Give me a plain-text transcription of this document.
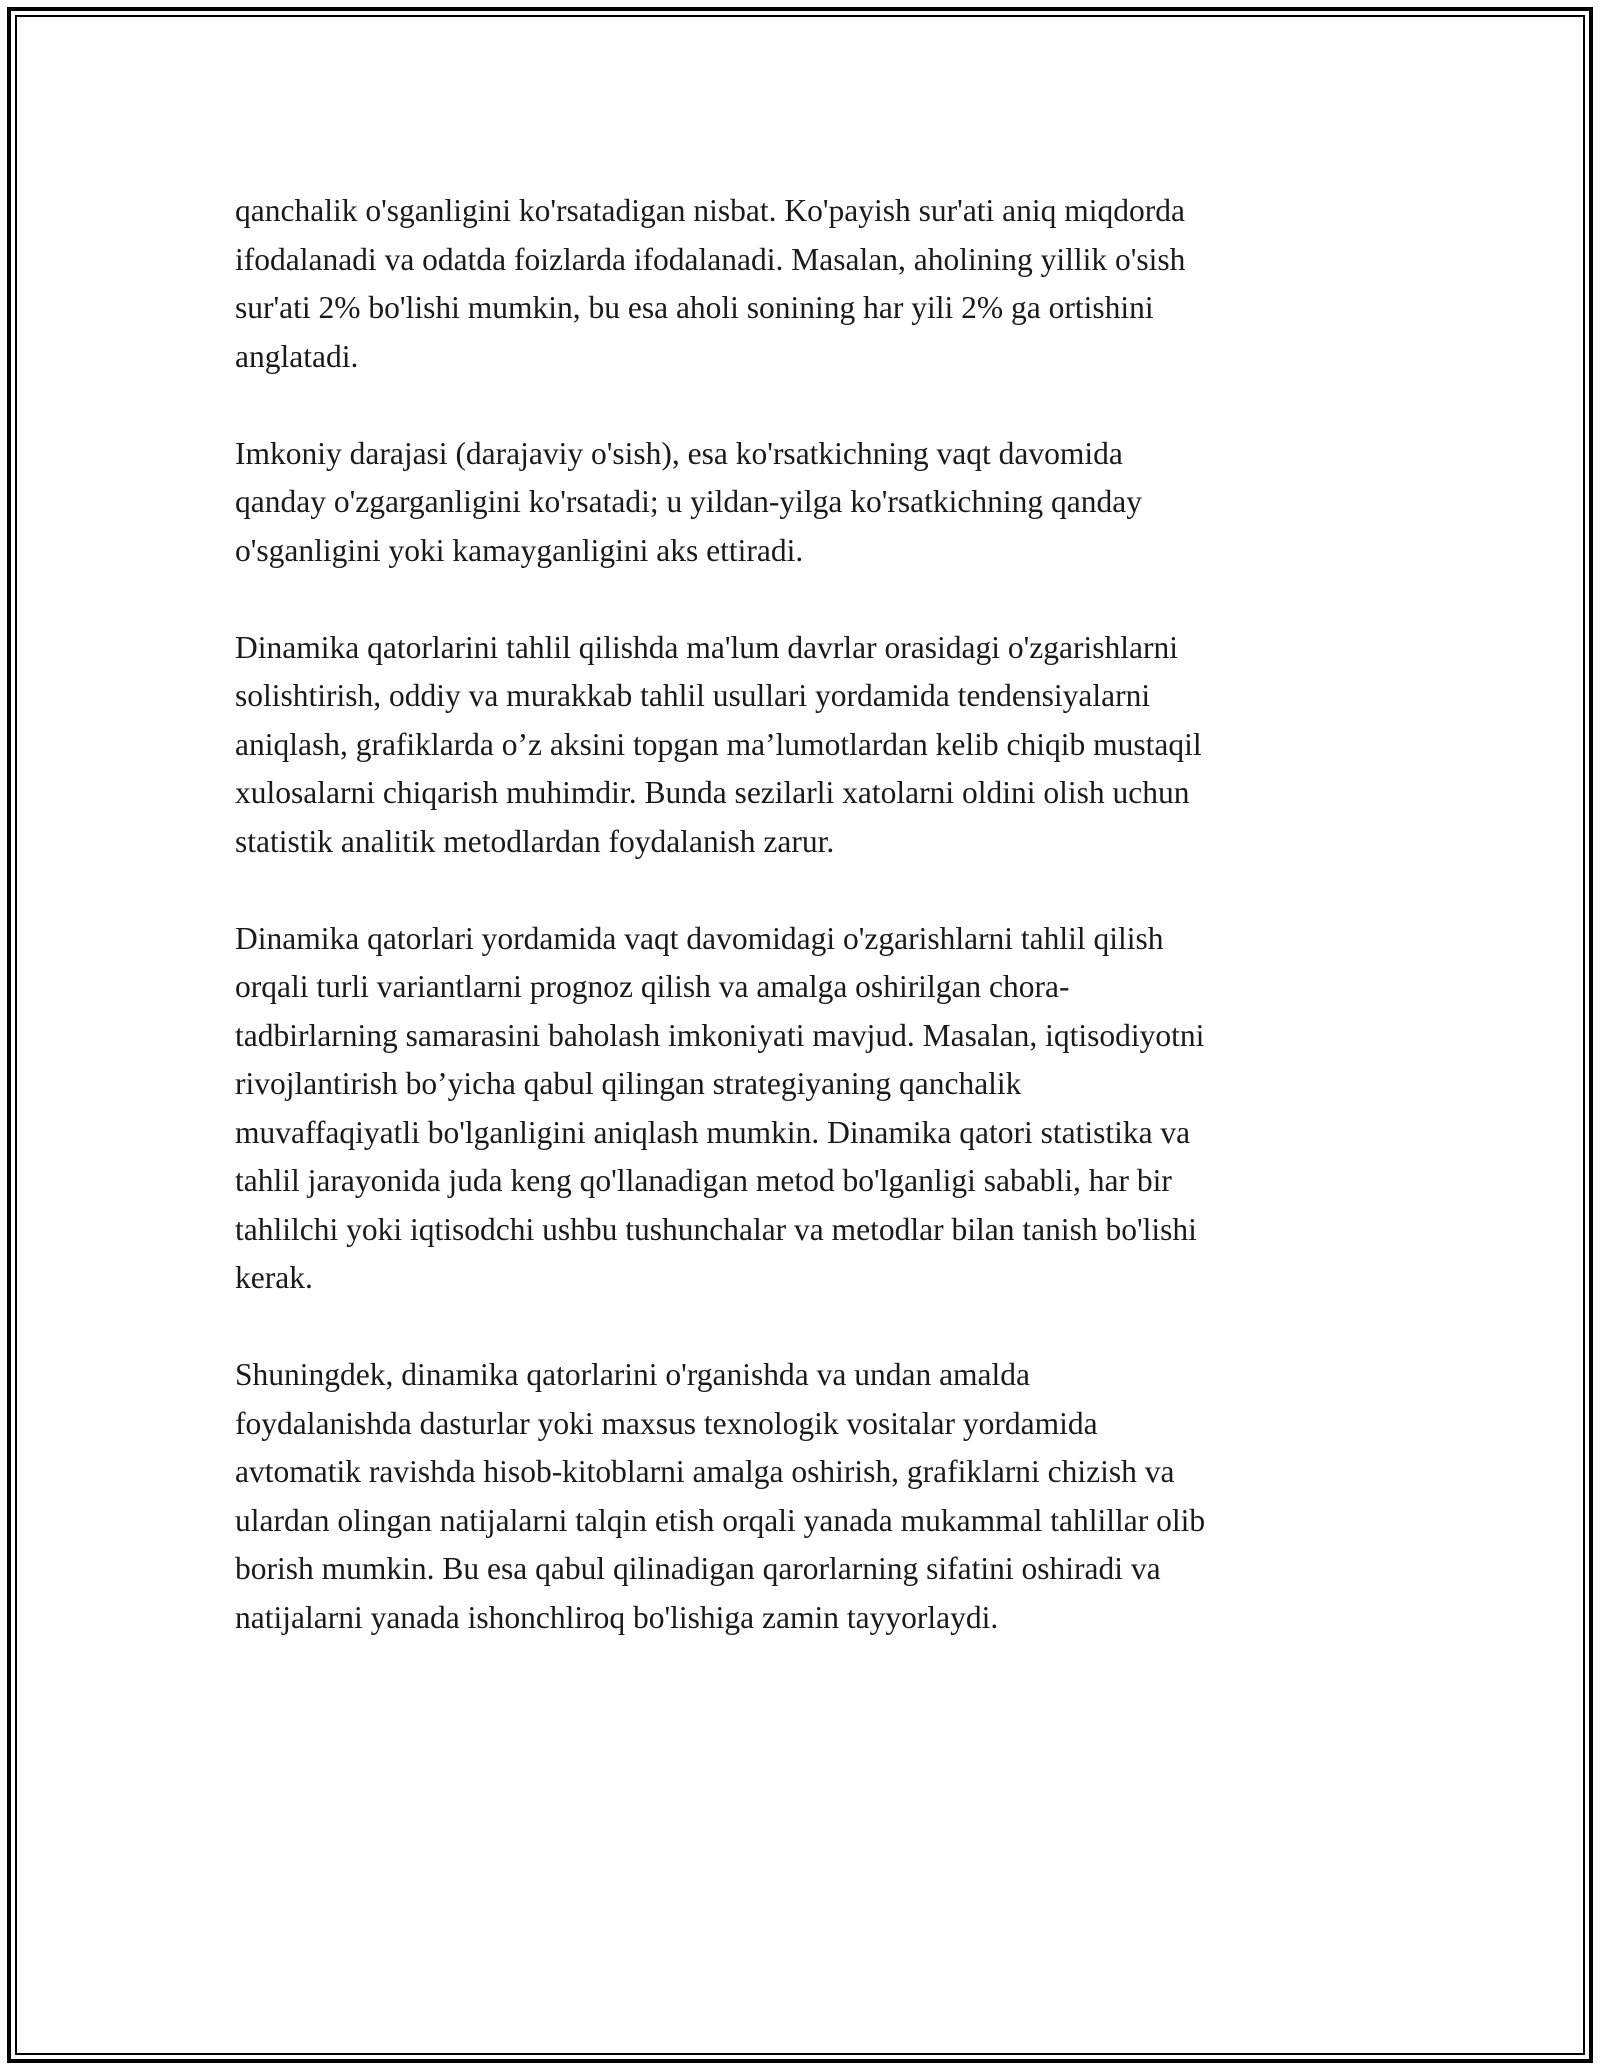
qanchalik o'sganligini ko'rsatadigan nisbat. Ko'payish sur'ati aniq miqdorda
ifodalanadi va odatda foizlarda ifodalanadi. Masalan, aholining yillik o'sish
sur'ati 2% bo'lishi mumkin, bu esa aholi sonining har yili 2% ga ortishini
anglatadi.

Imkoniy darajasi (darajaviy o'sish), esa ko'rsatkichning vaqt davomida
qanday o'zgarganligini ko'rsatadi; u yildan-yilga ko'rsatkichning qanday
o'sganligini yoki kamayganligini aks ettiradi.

Dinamika qatorlarini tahlil qilishda ma'lum davrlar orasidagi o'zgarishlarni
solishtirish, oddiy va murakkab tahlil usullari yordamida tendensiyalarni
aniqlash, grafiklarda o’z aksini topgan ma’lumotlardan kelib chiqib mustaqil
xulosalarni chiqarish muhimdir. Bunda sezilarli xatolarni oldini olish uchun
statistik analitik metodlardan foydalanish zarur.

Dinamika qatorlari yordamida vaqt davomidagi o'zgarishlarni tahlil qilish
orqali turli variantlarni prognoz qilish va amalga oshirilgan chora-
tadbirlarning samarasini baholash imkoniyati mavjud. Masalan, iqtisodiyotni
rivojlantirish bo’yicha qabul qilingan strategiyaning qanchalik
muvaffaqiyatli bo'lganligini aniqlash mumkin. Dinamika qatori statistika va
tahlil jarayonida juda keng qo'llanadigan metod bo'lganligi sababli, har bir
tahlilchi yoki iqtisodchi ushbu tushunchalar va metodlar bilan tanish bo'lishi
kerak.

Shuningdek, dinamika qatorlarini o'rganishda va undan amalda
foydalanishda dasturlar yoki maxsus texnologik vositalar yordamida
avtomatik ravishda hisob-kitoblarni amalga oshirish, grafiklarni chizish va
ulardan olingan natijalarni talqin etish orqali yanada mukammal tahlillar olib
borish mumkin. Bu esa qabul qilinadigan qarorlarning sifatini oshiradi va
natijalarni yanada ishonchliroq bo'lishiga zamin tayyorlaydi.
